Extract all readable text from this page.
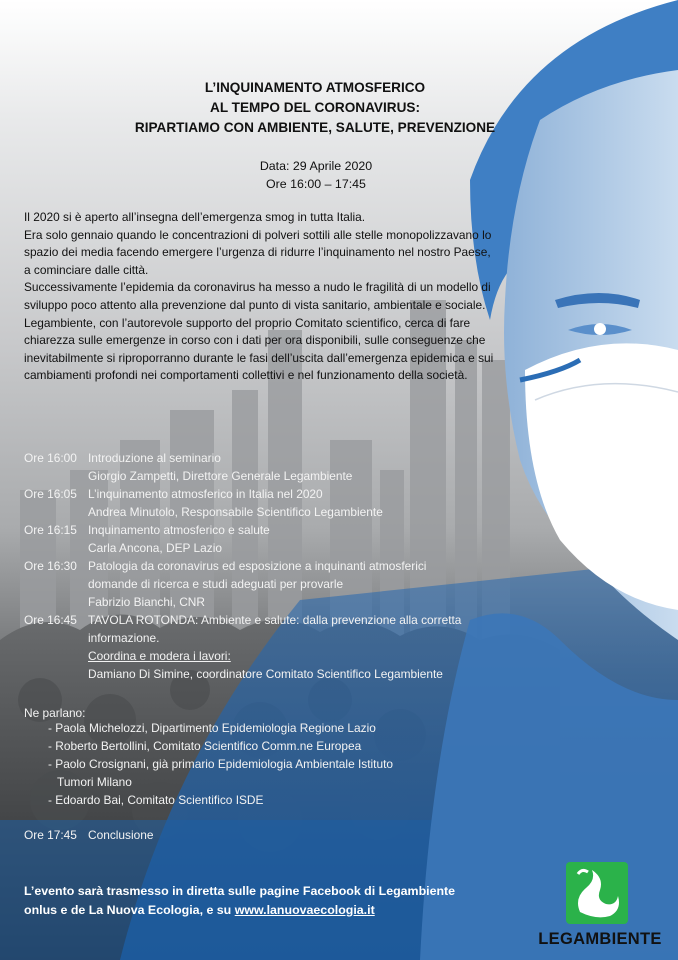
L’INQUINAMENTO ATMOSFERICO
AL TEMPO DEL CORONAVIRUS:
RIPARTIAMO CON AMBIENTE, SALUTE, PREVENZIONE
Data: 29 Aprile 2020
Ore 16:00 – 17:45

Il 2020 si è aperto all’insegna dell’emergenza smog in tutta Italia.

Era solo gennaio quando le concentrazioni di polveri sottili alle stelle monopolizzavano lo spazio dei media facendo emergere l’urgenza di ridurre l’inquinamento nel nostro Paese, a cominciare dalle città.

Successivamente l’epidemia da coronavirus ha messo a nudo le fragilità di un modello di sviluppo poco attento alla prevenzione dal punto di vista sanitario, ambientale e sociale.

Legambiente, con l’autorevole supporto del proprio Comitato scientifico, cerca di fare chiarezza sulle emergenze in corso con i dati per ora disponibili, sulle conseguenze che inevitabilmente si riproporranno durante le fasi dell’uscita dall’emergenza epidemica e sui cambiamenti profondi nei comportamenti collettivi e nel funzionamento della società.

Ore 16:00 Introduzione al seminario
Giorgio Zampetti, Direttore Generale Legambiente
Ore 16:05 L’inquinamento atmosferico in Italia nel 2020
Andrea Minutolo, Responsabile Scientifico Legambiente
Ore 16:15 Inquinamento atmosferico e salute
Carla Ancona, DEP Lazio
Ore 16:30 Patologia da coronavirus ed esposizione a inquinanti atmosferici
domande di ricerca e studi adeguati per provarle
Fabrizio Bianchi, CNR
Ore 16:45 TAVOLA ROTONDA: Ambiente e salute: dalla prevenzione alla corretta informazione.
Coordina e modera i lavori:
Damiano Di Simine, coordinatore Comitato Scientifico Legambiente
Ne parlano:
- Paola Michelozzi, Dipartimento Epidemiologia Regione Lazio
- Roberto Bertollini, Comitato Scientifico Comm.ne Europea
- Paolo Crosignani, già primario Epidemiologia Ambientale Istituto
Tumori Milano
- Edoardo Bai, Comitato Scientifico ISDE
Ore 17:45 Conclusione
L’evento sarà trasmesso in diretta sulle pagine Facebook di Legambiente
onlus e de La Nuova Ecologia, e su www.lanuovaecologia.it
LEGAMBIENTE
